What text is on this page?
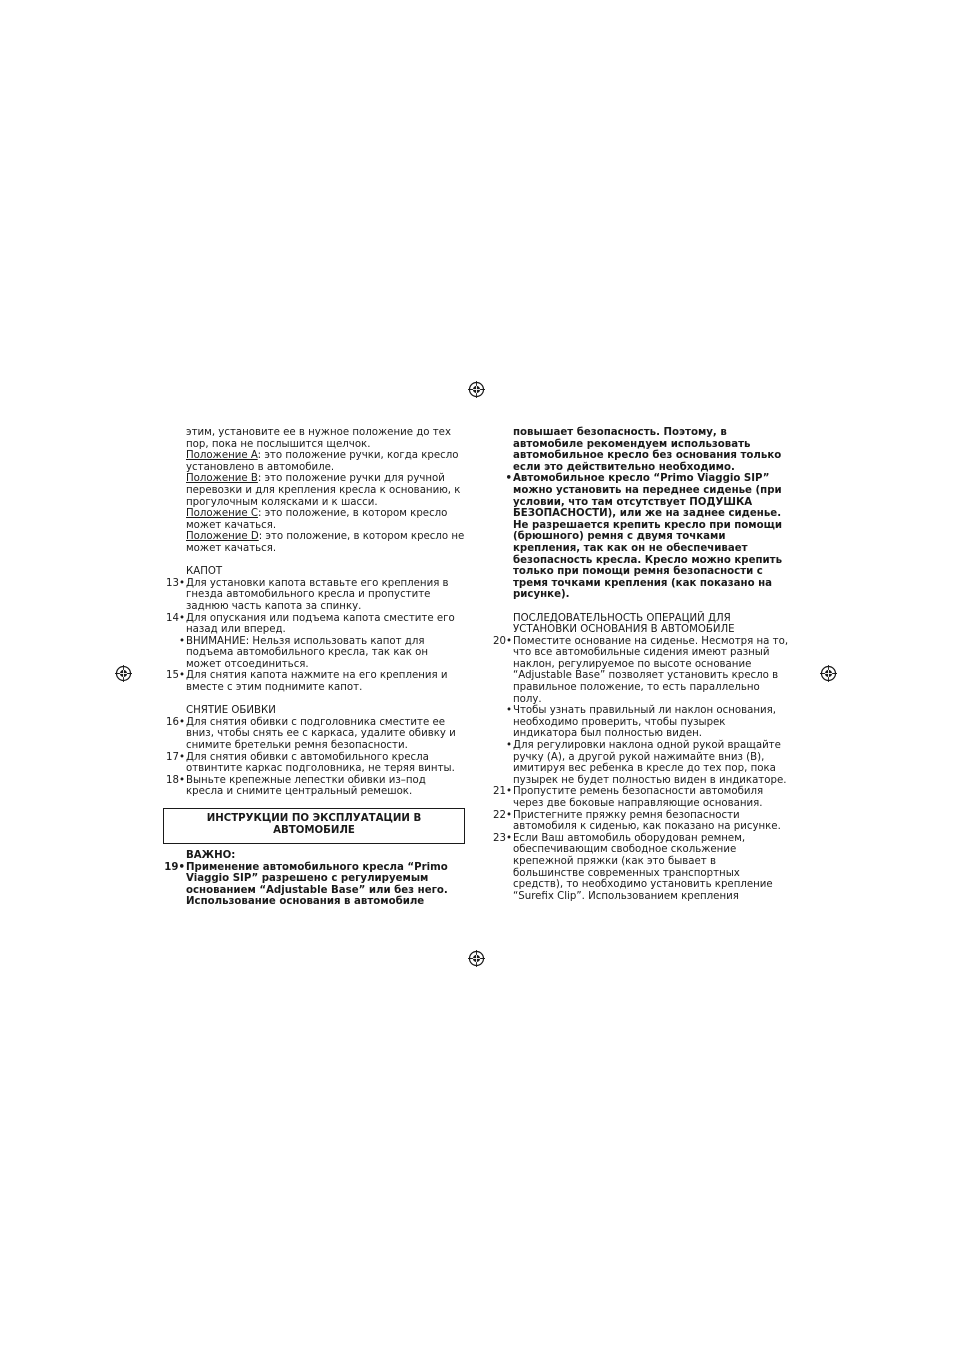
этим, установите ее в нужное положение до тех пор, пока не послышится щелчок.

Положение A: это положение ручки, когда кресло установлено в автомобиле.

Положение B: это положение ручки для ручной перевозки и для крепления кресла к основанию, к прогулочным колясками и к шасси.

Положение C: это положение, в котором кресло может качаться.

Положение D: это положение, в котором кресло не может качаться.

КАПОТ

13• Для установки капота вставьте его крепления в гнезда автомобильного кресла и пропустите заднюю часть капота за спинку.
14• Для опускания или подъема капота сместите его назад или вперед.
• ВНИМАНИЕ: Нельзя использовать капот для подъема автомобильного кресла, так как он может отсоединиться.
15• Для снятия капота нажмите на его крепления и вместе с этим поднимите капот.

СНЯТИЕ ОБИВКИ

16• Для снятия обивки с подголовника сместите ее вниз, чтобы снять ее с каркаса, удалите обивку и снимите бретельки ремня безопасности.
17• Для снятия обивки с автомобильного кресла отвинтите каркас подголовника, не теряя винты.
18• Выньте крепежные лепестки обивки из–под кресла и снимите центральный ремешок.
ИНСТРУКЦИИ ПО ЭКСПЛУАТАЦИИ В АВТОМОБИЛЕ

ВАЖНО:

19• Применение автомобильного кресла “Primo Viaggio SIP” разрешено с регулируемым основанием “Adjustable Base” или без него. Использование основания в автомобиле

повышает безопасность. Поэтому, в автомобиле рекомендуем использовать автомобильное кресло без основания только если это действительно необходимо.

• Автомобильное кресло “Primo Viaggio SIP” можно установить на переднее сиденье (при условии, что там отсутствует ПОДУШКА БЕЗОПАСНОСТИ), или же на заднее сиденье. Не разрешается крепить кресло при помощи (брюшного) ремня с двумя точками крепления, так как он не обеспечивает безопасность кресла. Кресло можно крепить только при помощи ремня безопасности с тремя точками крепления (как показано на рисунке).

ПОСЛЕДОВАТЕЛЬНОСТЬ ОПЕРАЦИЙ ДЛЯ УСТАНОВКИ ОСНОВАНИЯ В АВТОМОБИЛЕ

20• Поместите основание на сиденье. Несмотря на то, что все автомобильные сидения имеют разный наклон, регулируемое по высоте основание “Adjustable Base” позволяет установить кресло в правильное положение, то есть параллельно полу.
• Чтобы узнать правильный ли наклон основания, необходимо проверить, чтобы пузырек индикатора был полностью виден.
• Для регулировки наклона одной рукой вращайте ручку (A), а другой рукой нажимайте вниз (B), имитируя вес ребенка в кресле до тех пор, пока пузырек не будет полностью виден в индикаторе.
21• Пропустите ремень безопасности автомобиля через две боковые направляющие основания.
22• Пристегните пряжку ремня безопасности автомобиля к сиденью, как показано на рисунке.
23• Если Ваш автомобиль оборудован ремнем, обеспечивающим свободное скольжение крепежной пряжки (как это бывает в большинстве современных транспортных средств), то необходимо установить крепление “Surefix Clip”. Использованием крепления
